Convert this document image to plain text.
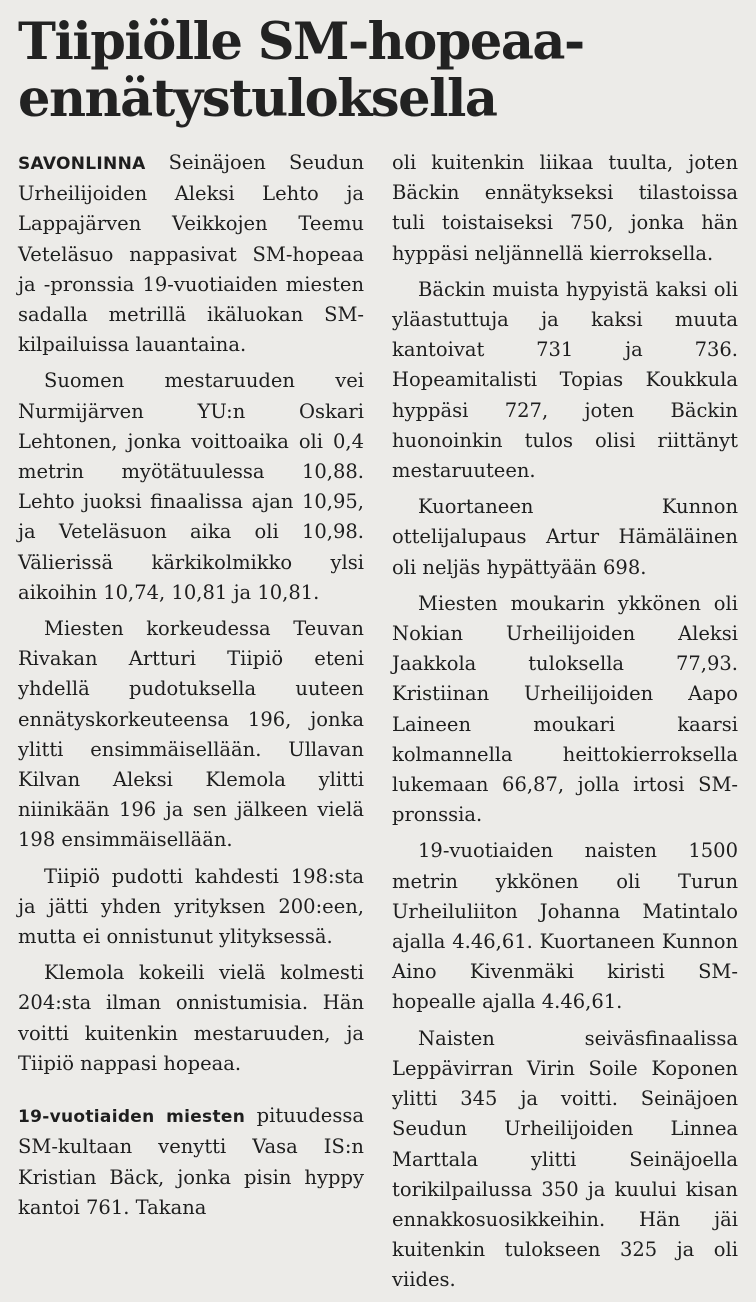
Tiipiölle SM-hopeaa-ennätystuloksella

SAVONLINNA Seinäjoen Seudun Urheilijoiden Aleksi Lehto ja Lappajärven Veikkojen Teemu Veteläsuo nappasivat SM-hopeaa ja -pronssia 19-vuotiaiden miesten sadalla metrillä ikäluokan SM-kilpailuissa lauantaina.

Suomen mestaruuden vei Nurmijärven YU:n Oskari Lehtonen, jonka voittoaika oli 0,4 metrin myötätuulessa 10,88. Lehto juoksi finaalissa ajan 10,95, ja Veteläsuon aika oli 10,98. Välierissä kärkikolmikko ylsi aikoihin 10,74, 10,81 ja 10,81.

Miesten korkeudessa Teuvan Rivakan Artturi Tiipiö eteni yhdellä pudotuksella uuteen ennätyskorkeuteensa 196, jonka ylitti ensimmäisellään. Ullavan Kilvan Aleksi Klemola ylitti niinikään 196 ja sen jälkeen vielä 198 ensimmäisellään.

Tiipiö pudotti kahdesti 198:sta ja jätti yhden yrityksen 200:een, mutta ei onnistunut ylityksessä.

Klemola kokeili vielä kolmesti 204:sta ilman onnistumisia. Hän voitti kuitenkin mestaruuden, ja Tiipiö nappasi hopeaa.

19-vuotiaiden miesten pituudessa SM-kultaan venytti Vasa IS:n Kristian Bäck, jonka pisin hyppy kantoi 761. Takana

oli kuitenkin liikaa tuulta, joten Bäckin ennätykseksi tilastoissa tuli toistaiseksi 750, jonka hän hyppäsi neljännellä kierroksella.

Bäckin muista hypyistä kaksi oli yläastuttuja ja kaksi muuta kantoivat 731 ja 736. Hopeamitalisti Topias Koukkula hyppäsi 727, joten Bäckin huonoinkin tulos olisi riittänyt mestaruuteen.

Kuortaneen Kunnon ottelijalupaus Artur Hämäläinen oli neljäs hypättyään 698.

Miesten moukarin ykkönen oli Nokian Urheilijoiden Aleksi Jaakkola tuloksella 77,93. Kristiinan Urheilijoiden Aapo Laineen moukari kaarsi kolmannella heittokierroksella lukemaan 66,87, jolla irtosi SM-pronssia.

19-vuotiaiden naisten 1500 metrin ykkönen oli Turun Urheiluliiton Johanna Matintalo ajalla 4.46,61. Kuortaneen Kunnon Aino Kivenmäki kiristi SM-hopealle ajalla 4.46,61.

Naisten seiväsfinaalissa Leppävirran Virin Soile Koponen ylitti 345 ja voitti. Seinäjoen Seudun Urheilijoiden Linnea Marttala ylitti Seinäjoella torikilpailussa 350 ja kuului kisan ennakkosuosikkeihin. Hän jäi kuitenkin tulokseen 325 ja oli viides.
